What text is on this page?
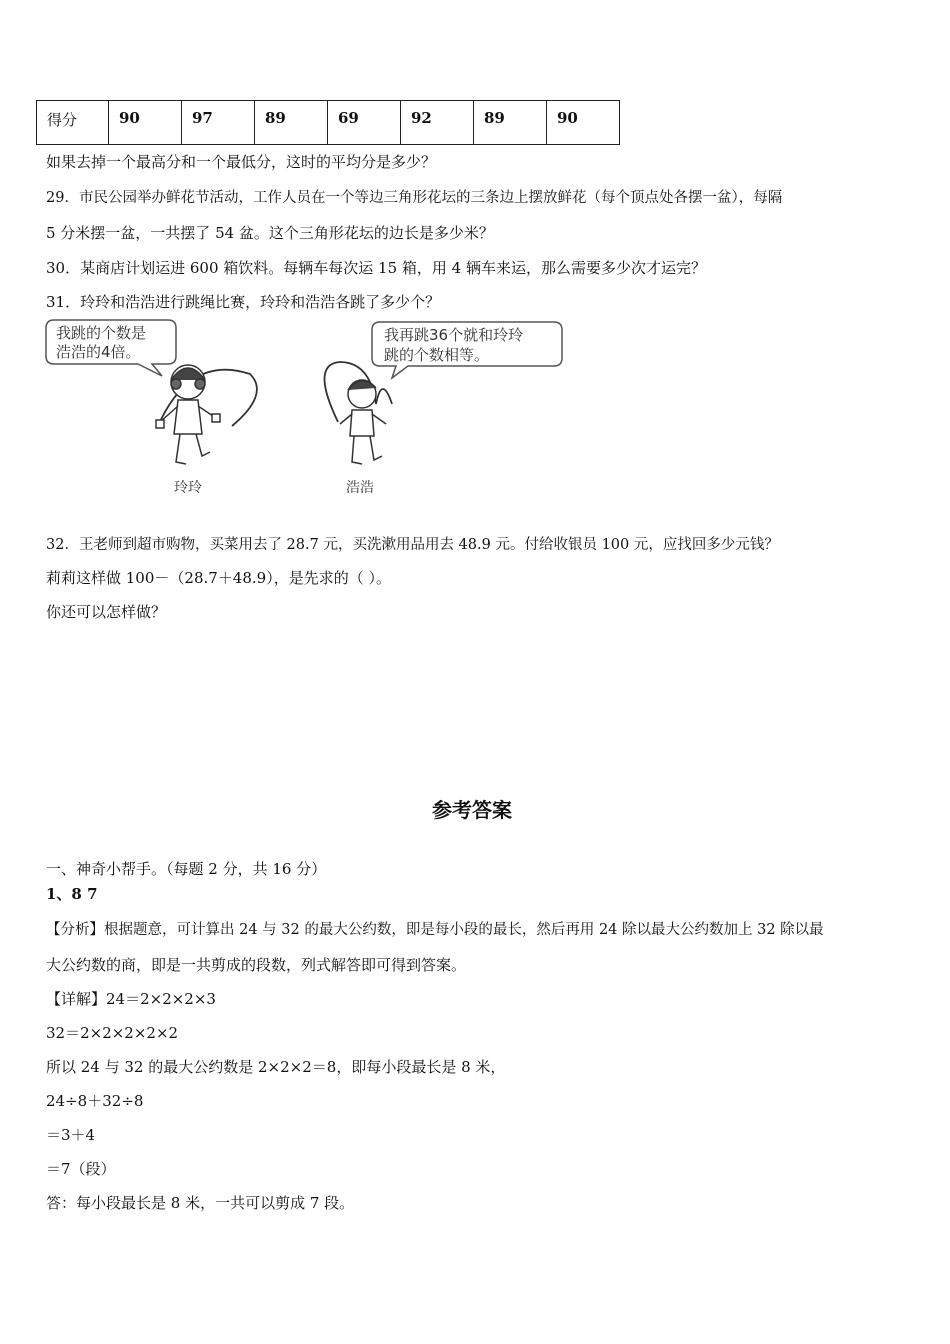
得分	90	97	89	69	92	89	90
如果去掉一个最高分和一个最低分，这时的平均分是多少？
29．市民公园举办鲜花节活动，工作人员在一个等边三角形花坛的三条边上摆放鲜花（每个顶点处各摆一盆），每隔
5 分米摆一盆，一共摆了 54 盆。这个三角形花坛的边长是多少米？
30．某商店计划运进 600 箱饮料。每辆车每次运 15 箱，用 4 辆车来运，那么需要多少次才运完？
31．玲玲和浩浩进行跳绳比赛，玲玲和浩浩各跳了多少个？
我跳的个数是
浩浩的4倍。
我再跳36个就和玲玲
跳的个数相等。
玲玲	浩浩
32．王老师到超市购物，买菜用去了 28.7 元，买洗漱用品用去 48.9 元。付给收银员 100 元，应找回多少元钱？
莉莉这样做 100－（28.7＋48.9），是先求的（ ）。
你还可以怎样做？
参考答案
一、神奇小帮手。（每题 2 分，共 16 分）
1、8 7
【分析】根据题意，可计算出 24 与 32 的最大公约数，即是每小段的最长，然后再用 24 除以最大公约数加上 32 除以最
大公约数的商，即是一共剪成的段数，列式解答即可得到答案。
【详解】24＝2×2×2×3
32＝2×2×2×2×2
所以 24 与 32 的最大公约数是 2×2×2＝8，即每小段最长是 8 米，
24÷8＋32÷8
＝3＋4
＝7（段）
答：每小段最长是 8 米，一共可以剪成 7 段。
